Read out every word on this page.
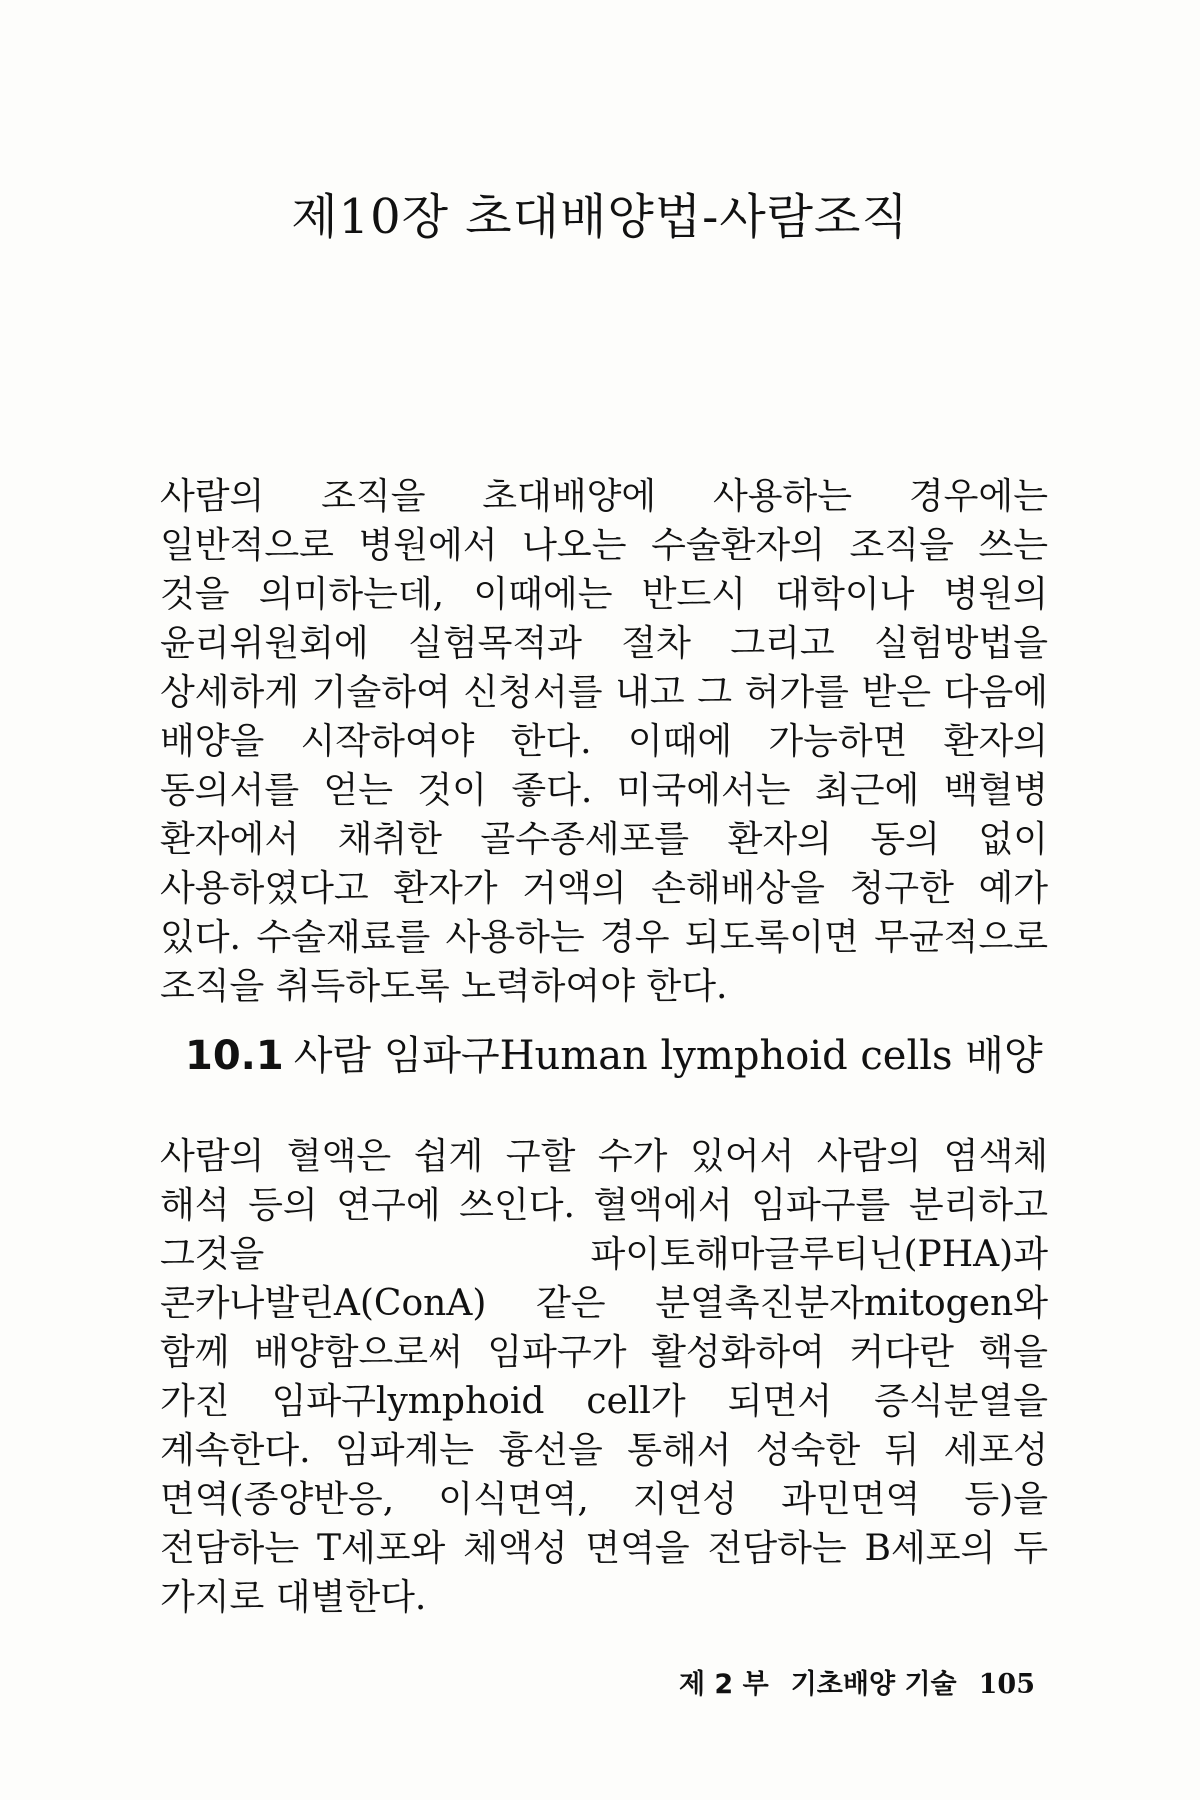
제10장 초대배양법-사람조직

사람의 조직을 초대배양에 사용하는 경우에는 일반적으로 병원에서 나오는 수술환자의 조직을 쓰는 것을 의미하는데, 이때에는 반드시 대학이나 병원의 윤리위원회에 실험목적과 절차 그리고 실험방법을 상세하게 기술하여 신청서를 내고 그 허가를 받은 다음에 배양을 시작하여야 한다. 이때에 가능하면 환자의 동의서를 얻는 것이 좋다. 미국에서는 최근에 백혈병 환자에서 채취한 골수종세포를 환자의 동의 없이 사용하였다고 환자가 거액의 손해배상을 청구한 예가 있다. 수술재료를 사용하는 경우 되도록이면 무균적으로 조직을 취득하도록 노력하여야 한다.

10.1 사람 임파구Human lymphoid cells 배양

사람의 혈액은 쉽게 구할 수가 있어서 사람의 염색체 해석 등의 연구에 쓰인다. 혈액에서 임파구를 분리하고 그것을 파이토해마글루티닌(PHA)과 콘카나발린A(ConA) 같은 분열촉진분자mitogen와 함께 배양함으로써 임파구가 활성화하여 커다란 핵을 가진 임파구lymphoid cell가 되면서 증식분열을 계속한다. 임파계는 흉선을 통해서 성숙한 뒤 세포성 면역(종양반응, 이식면역, 지연성 과민면역 등)을 전담하는 T세포와 체액성 면역을 전담하는 B세포의 두 가지로 대별한다.

제 2 부 기초배양 기술 105
